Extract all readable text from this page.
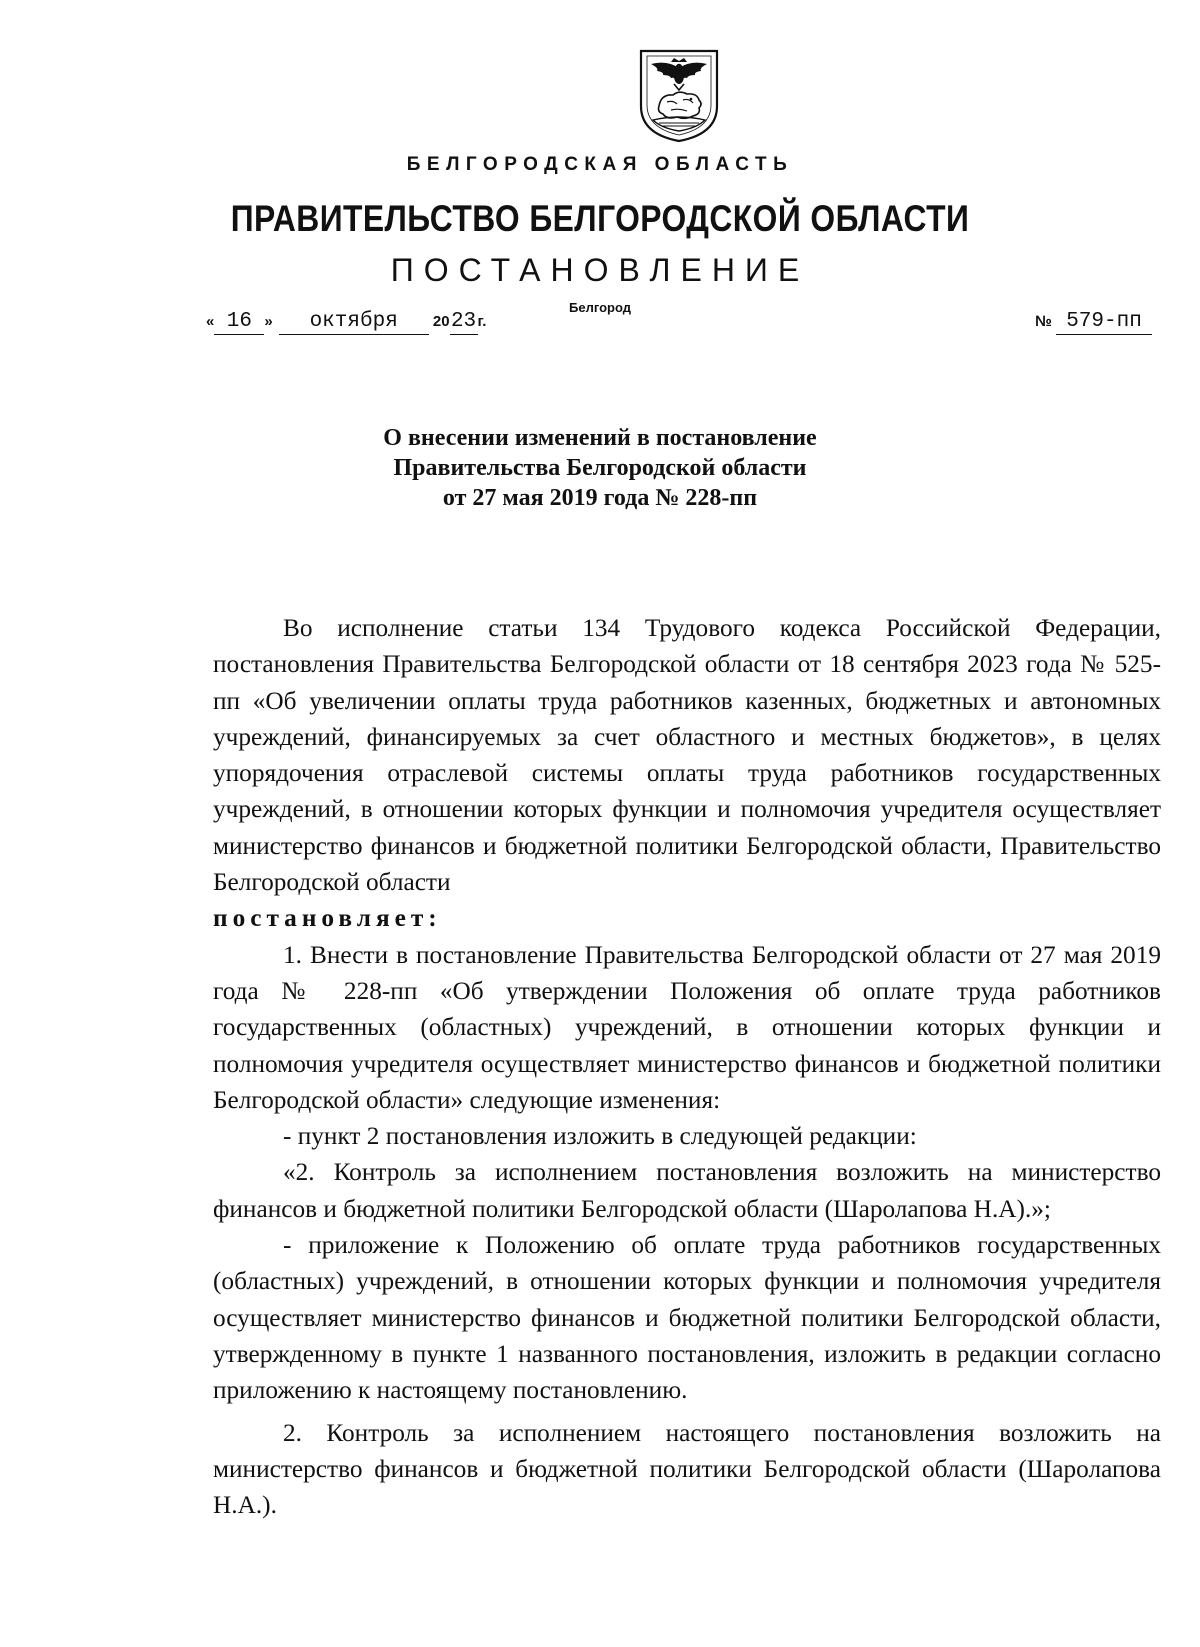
БЕЛГОРОДСКАЯ ОБЛАСТЬ

ПРАВИТЕЛЬСТВО БЕЛГОРОДСКОЙ ОБЛАСТИ

ПОСТАНОВЛЕНИЕ

Белгород

« 16 » октября 2023г.	№ 579-пп
О внесении изменений в постановление
Правительства Белгородской области
от 27 мая 2019 года № 228-пп

Во исполнение статьи 134 Трудового кодекса Российской Федерации, постановления Правительства Белгородской области от 18 сентября 2023 года № 525-пп «Об увеличении оплаты труда работников казенных, бюджетных и автономных учреждений, финансируемых за счет областного и местных бюджетов», в целях упорядочения отраслевой системы оплаты труда работников государственных учреждений, в отношении которых функции и полномочия учредителя осуществляет министерство финансов и бюджетной политики Белгородской области, Правительство Белгородской области

постановляет:

1. Внести в постановление Правительства Белгородской области от 27 мая 2019 года № 228-пп «Об утверждении Положения об оплате труда работников государственных (областных) учреждений, в отношении которых функции и полномочия учредителя осуществляет министерство финансов и бюджетной политики Белгородской области» следующие изменения:

- пункт 2 постановления изложить в следующей редакции:

«2. Контроль за исполнением постановления возложить на министерство финансов и бюджетной политики Белгородской области (Шаролапова Н.А).»;

- приложение к Положению об оплате труда работников государственных (областных) учреждений, в отношении которых функции и полномочия учредителя осуществляет министерство финансов и бюджетной политики Белгородской области, утвержденному в пункте 1 названного постановления, изложить в редакции согласно приложению к настоящему постановлению.

2. Контроль за исполнением настоящего постановления возложить на министерство финансов и бюджетной политики Белгородской области (Шаролапова Н.А.).
